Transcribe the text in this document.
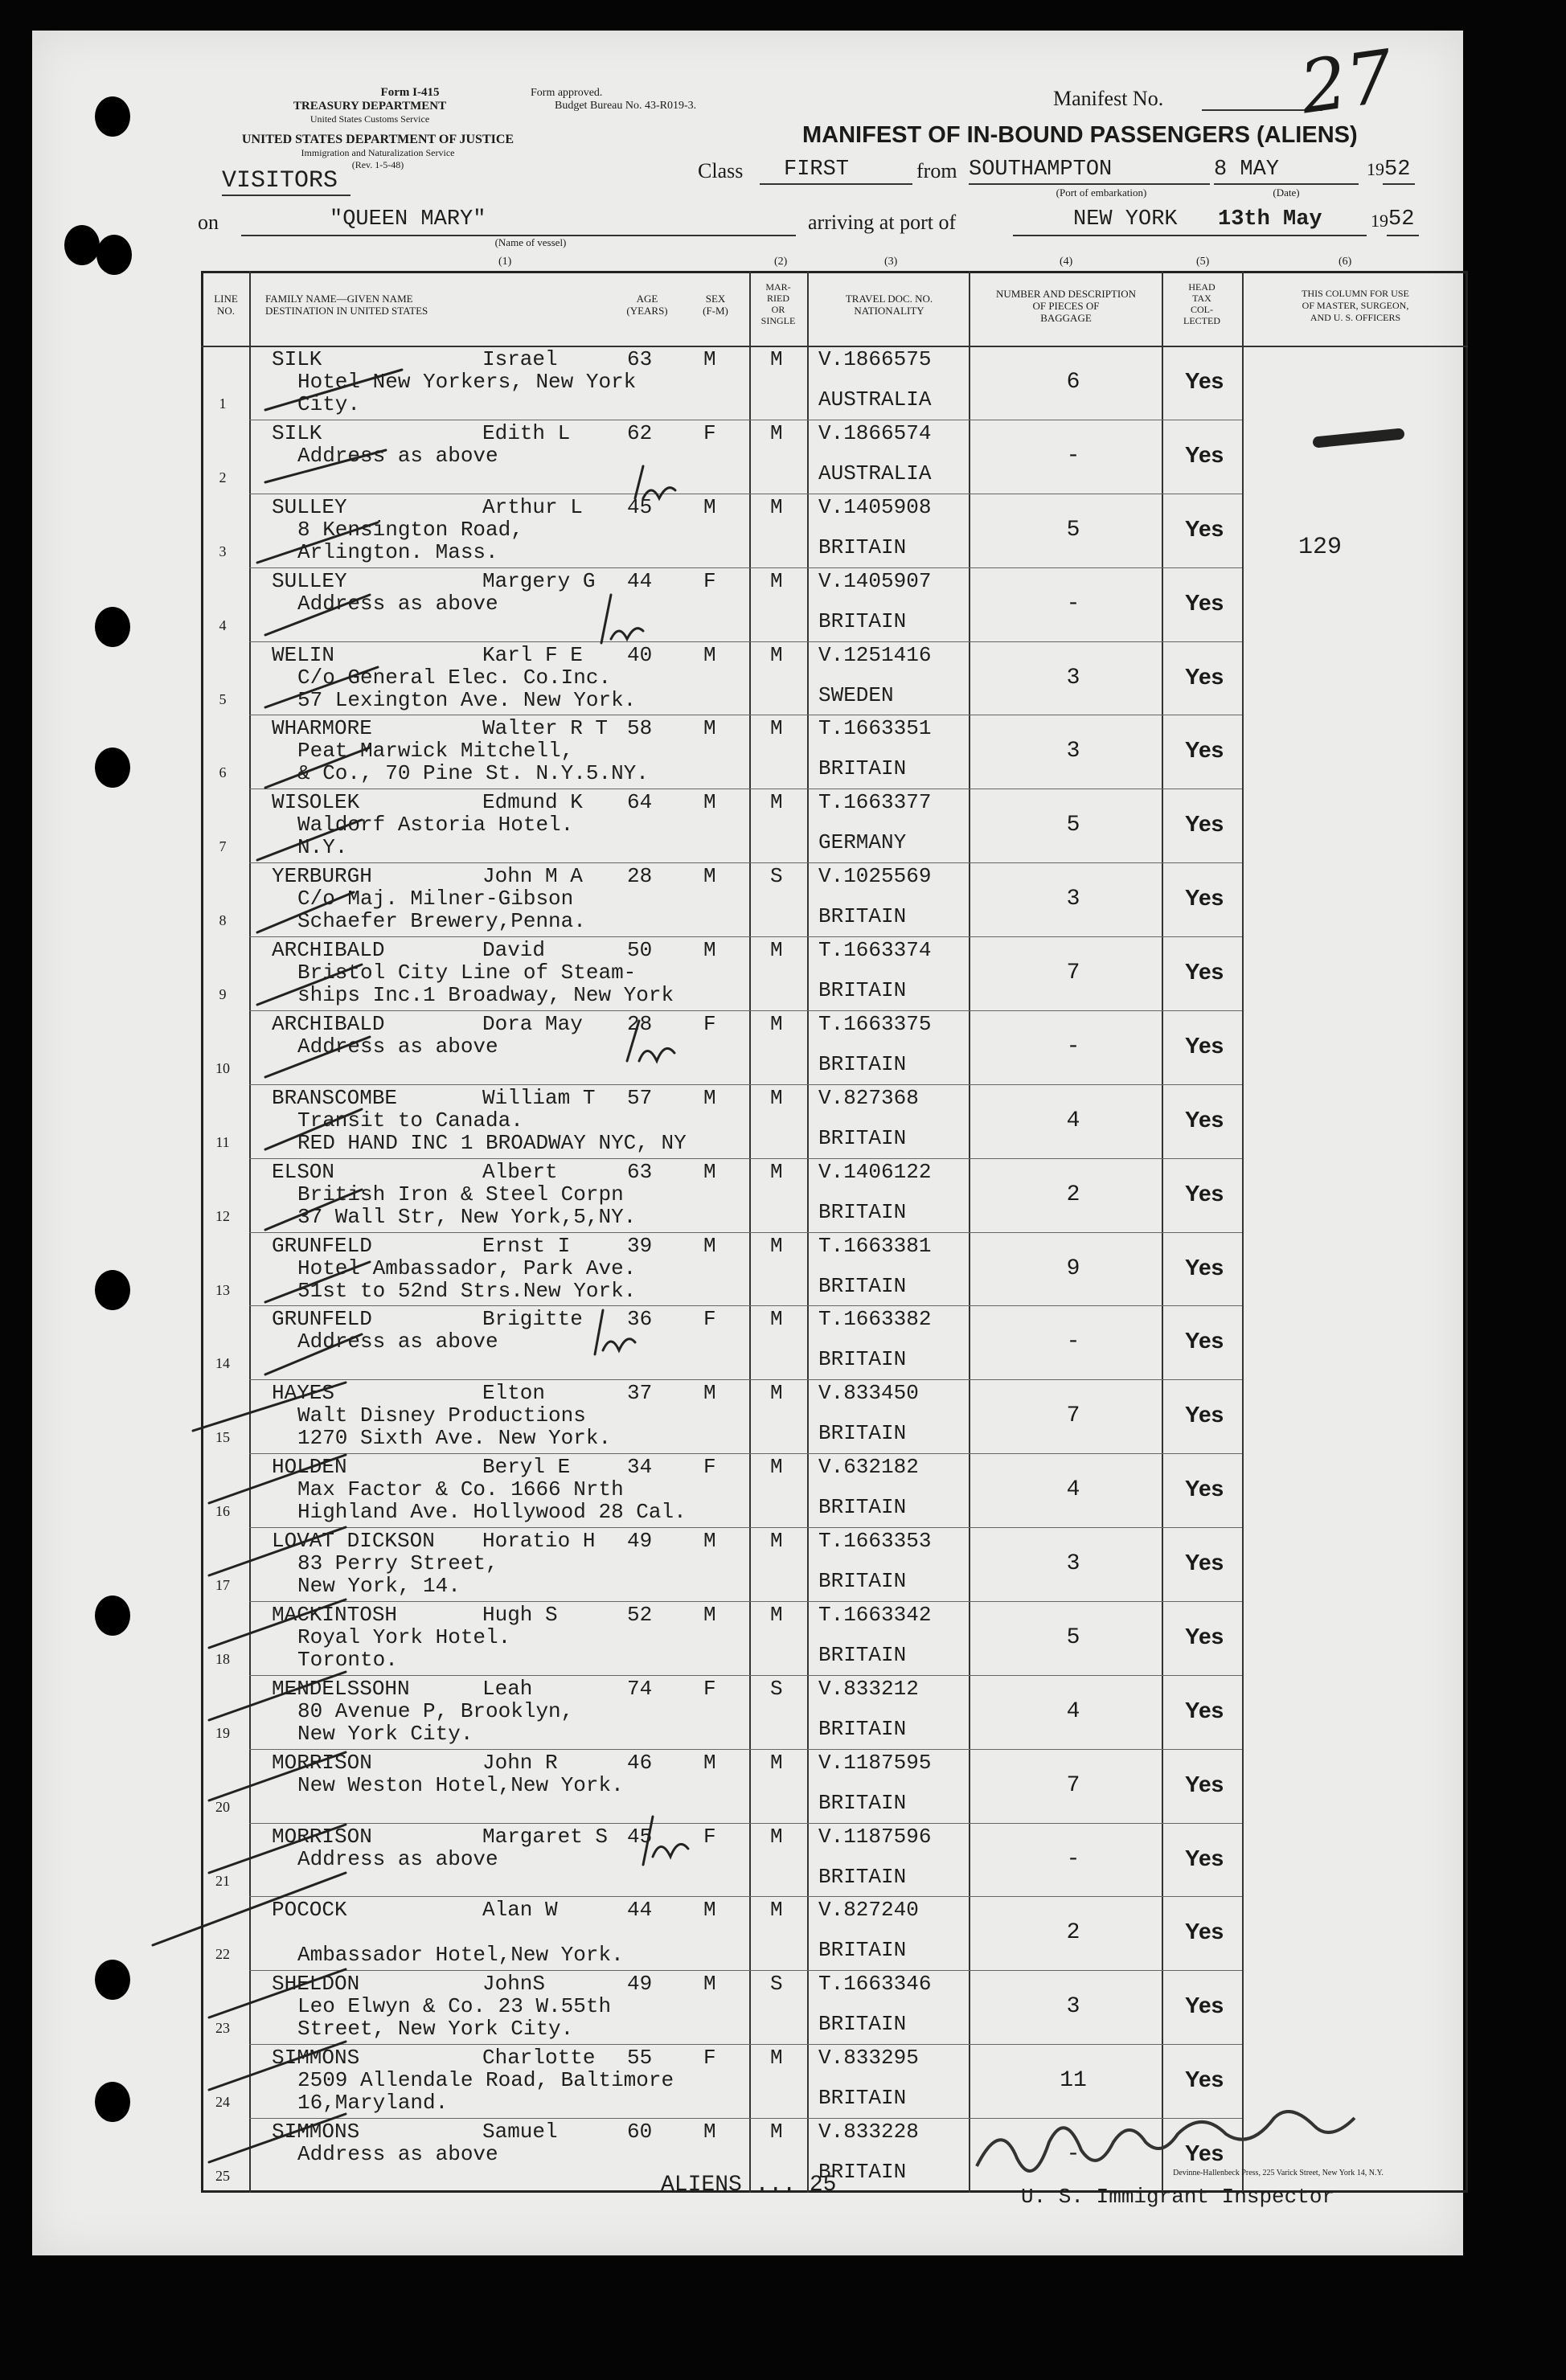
Form I-415
TREASURY DEPARTMENT
United States Customs Service
UNITED STATES DEPARTMENT OF JUSTICE
Immigration and Naturalization Service
(Rev. 1-5-48)
VISITORS
Form approved.
Budget Bureau No. 43-R019-3.	Manifest No. 27
MANIFEST OF IN-BOUND PASSENGERS (ALIENS)
Class FIRST	from SOUTHAMPTON
(Port of embarkation)
8 MAY
(Date)
19 52
on	"QUEEN MARY"
(Name of vessel)
arriving at port of	NEW YORK 13th May	19 52
(1)	(2)	(3)	(4)	(5)	(6)
LINE NO.
FAMILY NAME—GIVEN NAME
DESTINATION IN UNITED STATES
AGE
(YEARS)
SEX
(F-M)
MAR-
RIED
OR
SINGLE
TRAVEL DOC. NO.
NATIONALITY
NUMBER AND DESCRIPTION
OF PIECES OF
BAGGAGE
HEAD
TAX
COL-
LECTED
THIS COLUMN FOR USE
OF MASTER, SURGEON,
AND U. S. OFFICERS
1
SILK	Israel	63 M	M
Hotel New Yorkers, New York
City.
V.1866575
AUSTRALIA
6	Yes
2
SILK	Edith L	62 F	M
Address as above
V.1866574
AUSTRALIA
-	Yes
3
SULLEY	Arthur L 45 M	M
8 Kensington Road,
Arlington. Mass.
V.1405908
BRITAIN
5	Yes
129
4
SULLEY	Margery G 44 F	M
Address as above
V.1405907
BRITAIN
-	Yes
5
WELIN	Karl F E 40 M	M
C/o General Elec. Co.Inc.
57 Lexington Ave. New York.
V.1251416
SWEDEN
3	Yes
6
WHARMORE	Walter R T 58 M	M
Peat Marwick Mitchell,
& Co., 70 Pine St. N.Y.5.NY.
T.1663351
BRITAIN
3	Yes
7
WISOLEK	Edmund K 64 M	M
Waldorf Astoria Hotel.
N.Y.
T.1663377
GERMANY
5	Yes
8
YERBURGH	John M A 28 M	S
C/o Maj. Milner-Gibson
Schaefer Brewery,Penna.
V.1025569
BRITAIN
3	Yes
9
ARCHIBALD	David	50 M	M
Bristol City Line of Steam-
ships Inc.1 Broadway, New York
T.1663374
BRITAIN
7	Yes
10
ARCHIBALD	Dora May 28 F	M
Address as above
T.1663375
BRITAIN
-	Yes
11
BRANSCOMBE	William T 57 M	M
Transit to Canada.
RED HAND INC 1 BROADWAY NYC, NY
V.827368
BRITAIN
4	Yes
12
ELSON	Albert	63 M	M
British Iron & Steel Corpn
37 Wall Str, New York,5,NY.
V.1406122
BRITAIN
2	Yes
13
GRUNFELD	Ernst I	39 M	M
Hotel Ambassador, Park Ave.
51st to 52nd Strs.New York.
T.1663381
BRITAIN
9	Yes
14
GRUNFELD	Brigitte 36 F	M
Address as above
T.1663382
BRITAIN
-	Yes
15
HAYES	Elton	37 M	M
Walt Disney Productions
1270 Sixth Ave. New York.
V.833450
BRITAIN
7	Yes
16
HOLDEN	Beryl E	34 F	M
Max Factor & Co. 1666 Nrth
Highland Ave. Hollywood 28 Cal.
V.632182
BRITAIN
4	Yes
17
LOVAT DICKSON Horatio H 49 M	M
83 Perry Street,
New York, 14.
T.1663353
BRITAIN
3	Yes
18
MACKINTOSH	Hugh S	52 M	M
Royal York Hotel.
Toronto.
T.1663342
BRITAIN
5	Yes
19
MENDELSSOHN	Leah	74 F	S
80 Avenue P, Brooklyn,
New York City.
V.833212
BRITAIN
4	Yes
20
MORRISON	John R	46 M	M
New Weston Hotel,New York.
V.1187595
BRITAIN
7	Yes
21
MORRISON	Margaret S 45 F	M
Address as above
V.1187596
BRITAIN
-	Yes
22
POCOCK	Alan W	44 M	M
Ambassador Hotel,New York.
V.827240
BRITAIN
2	Yes
23
SHELDON	JohnS	49 M	S
Leo Elwyn & Co. 23 W.55th
Street, New York City.
T.1663346
BRITAIN
3	Yes
24
SIMMONS	Charlotte 55 F	M
2509 Allendale Road, Baltimore
16,Maryland.
V.833295
BRITAIN
11	Yes
25
SIMMONS	Samuel	60 M	M
Address as above
V.833228
BRITAIN
-	Yes
ALIENS ... 25	U. S. Immigrant Inspector
Devinne-Hallenbeck Press, 225 Varick Street, New York 14, N.Y.
